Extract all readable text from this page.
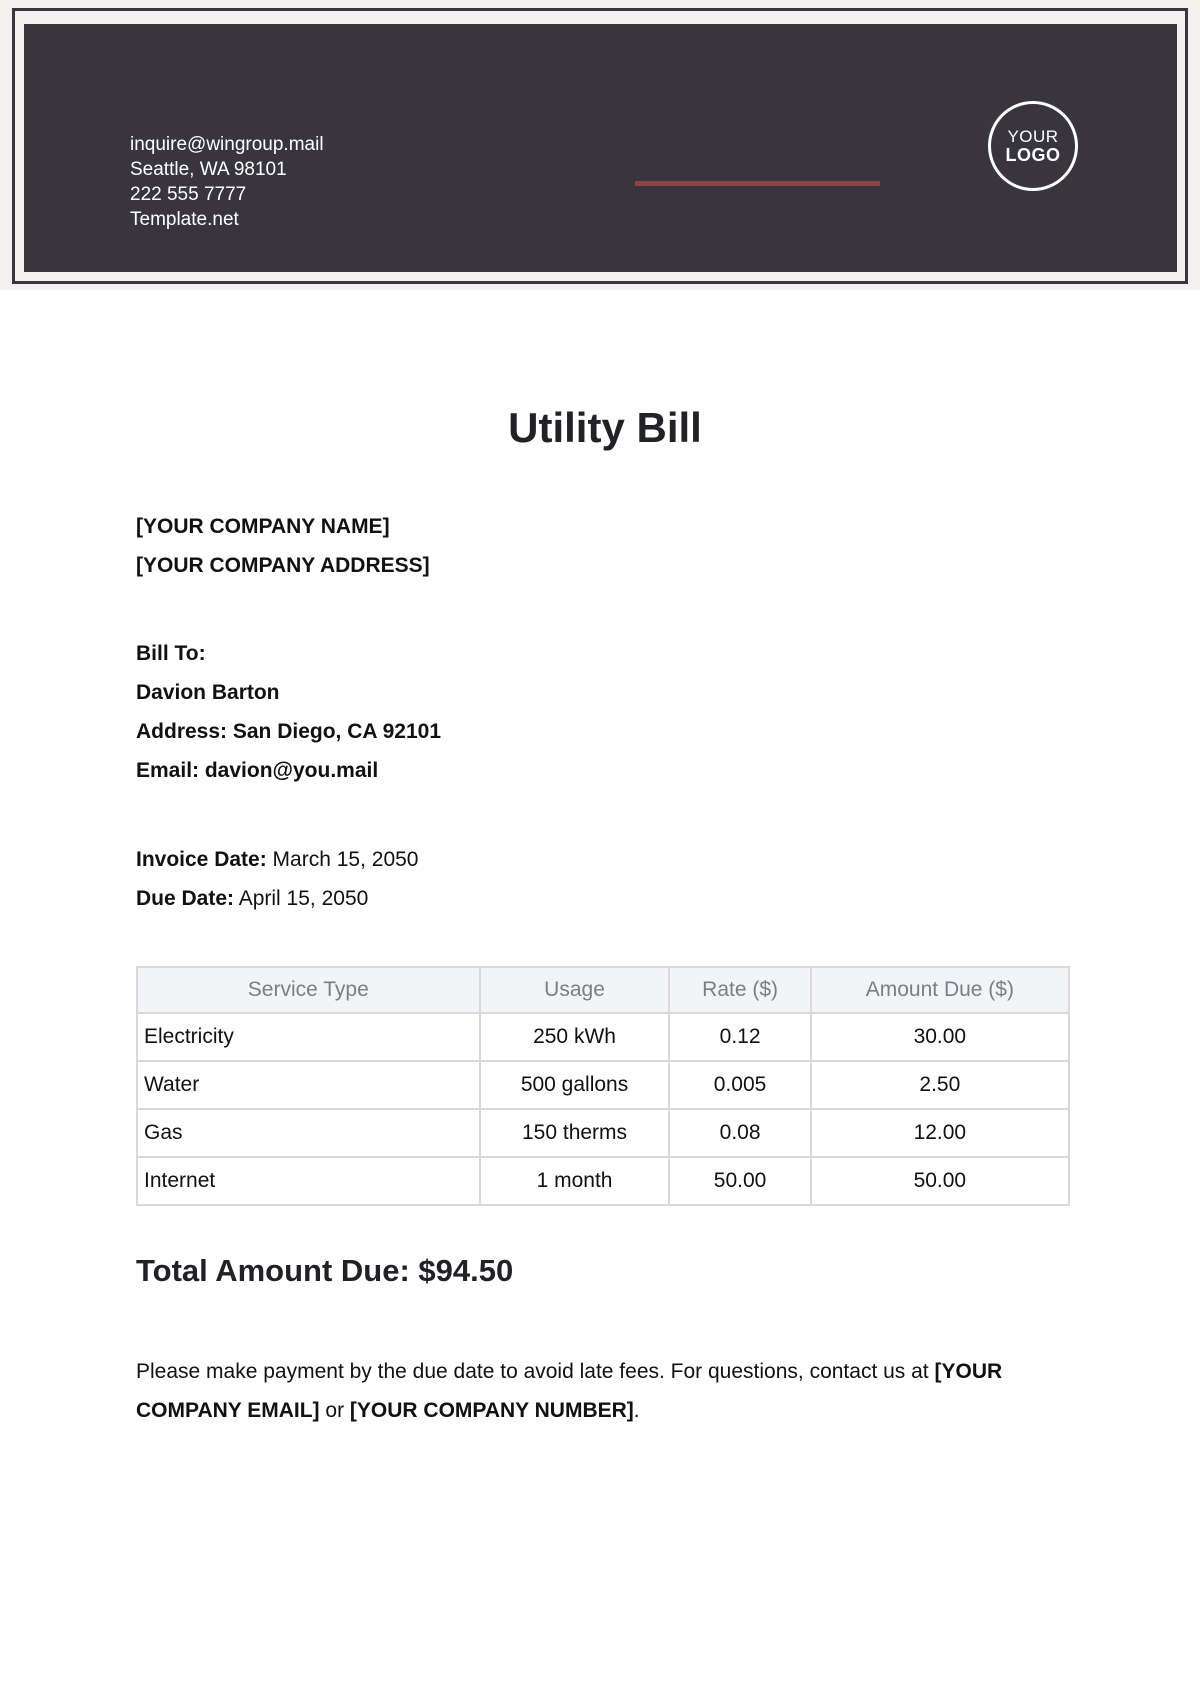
inquire@wingroup.mail
Seattle, WA 98101
222 555 7777
Template.net
YOUR
LOGO
Utility Bill
[YOUR COMPANY NAME]
[YOUR COMPANY ADDRESS]
Bill To:
Davion Barton
Address: San Diego, CA 92101
Email: davion@you.mail
Invoice Date: March 15, 2050
Due Date: April 15, 2050
Service Type	Usage	Rate ($)	Amount Due ($)
Electricity	250 kWh	0.12	30.00
Water	500 gallons	0.005	2.50
Gas	150 therms	0.08	12.00
Internet	1 month	50.00	50.00
Total Amount Due: $94.50
Please make payment by the due date to avoid late fees. For questions, contact us at [YOUR COMPANY EMAIL] or [YOUR COMPANY NUMBER].
